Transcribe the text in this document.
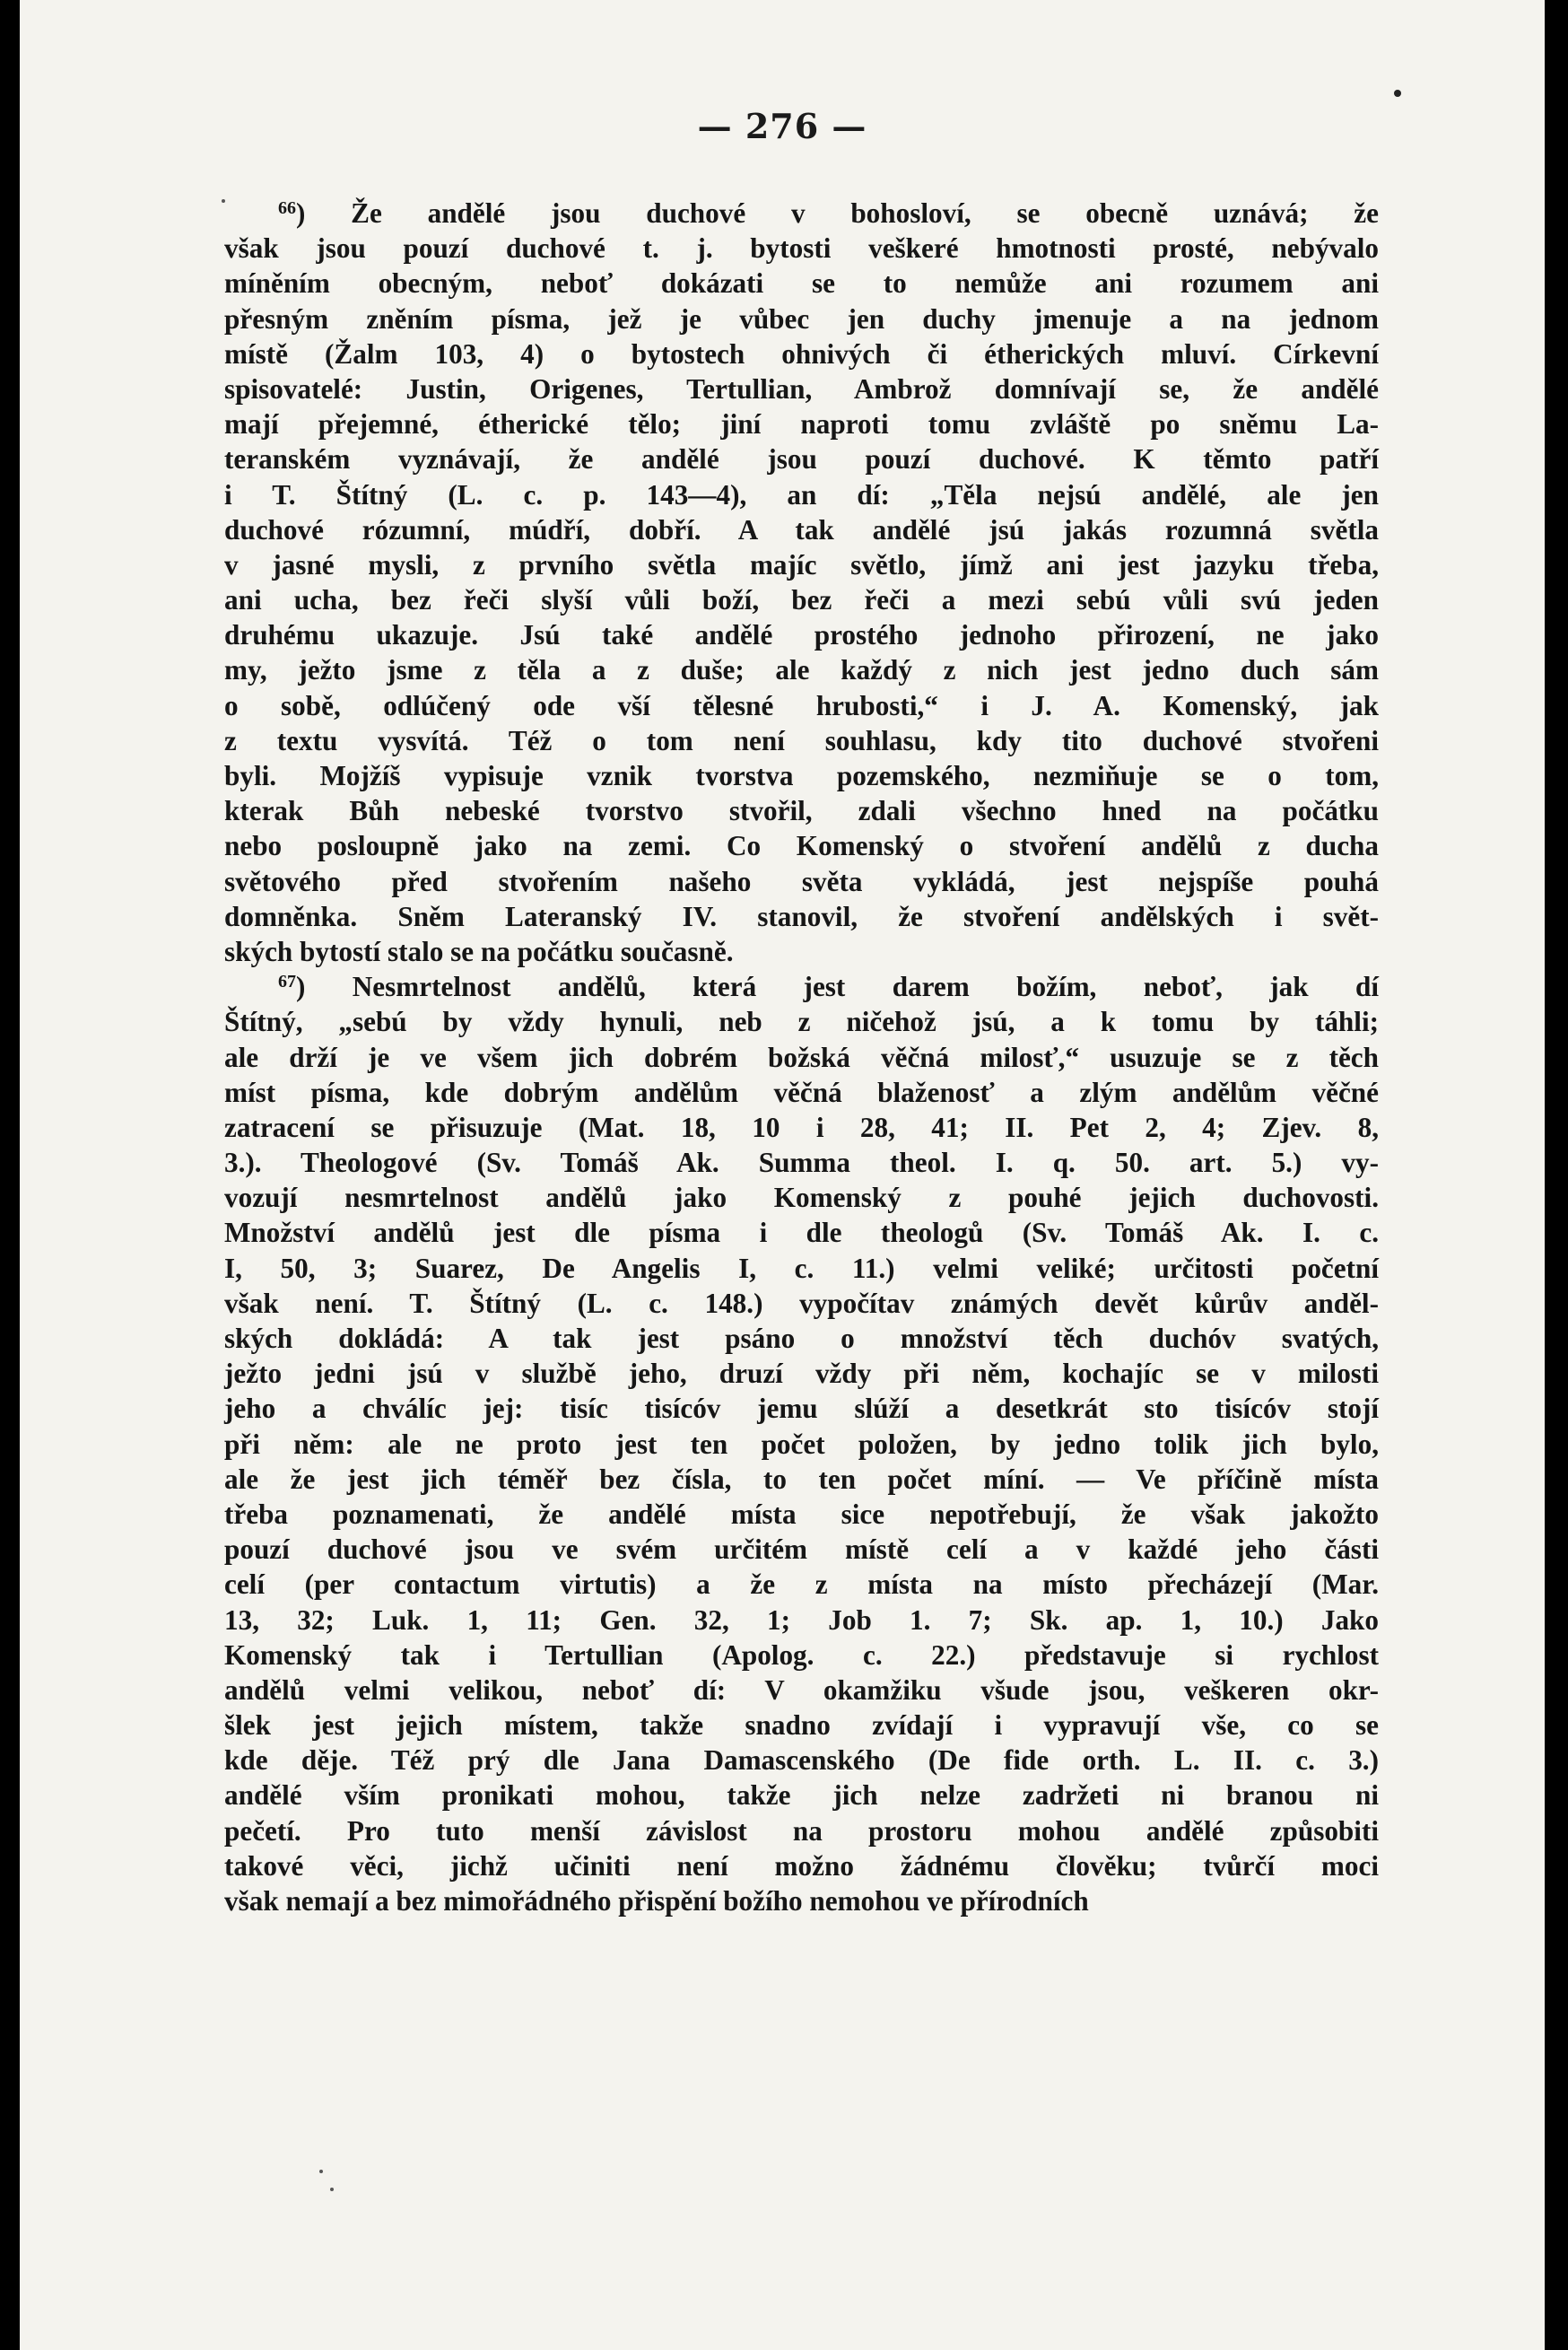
— 276 —
$^{66}$) Že andělé jsou duchové v bohosloví, se obecně uznává; že
však jsou pouzí duchové t. j. bytosti veškeré hmotnosti prosté, nebývalo
míněním obecným, neboť dokázati se to nemůže ani rozumem ani
přesným zněním písma, jež je vůbec jen duchy jmenuje a na jednom
místě (Žalm 103, 4) o bytostech ohnivých či étherických mluví. Církevní
spisovatelé: Justin, Origenes, Tertullian, Ambrož domnívají se, že andělé
mají přejemné, étherické tělo; jiní naproti tomu zvláště po sněmu La-
teranském vyznávají, že andělé jsou pouzí duchové. K těmto patří
i T. Štítný (L. c. p. 143—4), an dí: „Těla nejsú andělé, ale jen
duchové rózumní, múdří, dobří. A tak andělé jsú jakás rozumná světla
v jasné mysli, z prvního světla majíc světlo, jímž ani jest jazyku třeba,
ani ucha, bez řeči slyší vůli boží, bez řeči a mezi sebú vůli svú jeden
druhému ukazuje. Jsú také andělé prostého jednoho přirození, ne jako
my, ježto jsme z těla a z duše; ale každý z nich jest jedno duch sám
o sobě, odlúčený ode vší tělesné hrubosti,“ i J. A. Komenský, jak
z textu vysvítá. Též o tom není souhlasu, kdy tito duchové stvořeni
byli. Mojžíš vypisuje vznik tvorstva pozemského, nezmiňuje se o tom,
kterak Bůh nebeské tvorstvo stvořil, zdali všechno hned na počátku
nebo posloupně jako na zemi. Co Komenský o stvoření andělů z ducha
světového před stvořením našeho světa vykládá, jest nejspíše pouhá
domněnka. Sněm Lateranský IV. stanovil, že stvoření andělských i svět-
ských bytostí stalo se na počátku současně.
$^{67}$) Nesmrtelnost andělů, která jest darem božím, neboť, jak dí
Štítný, „sebú by vždy hynuli, neb z ničehož jsú, a k tomu by táhli;
ale drží je ve všem jich dobrém božská věčná milosť,“ usuzuje se z těch
míst písma, kde dobrým andělům věčná blaženosť a zlým andělům věčné
zatracení se přisuzuje (Mat. 18, 10 i 28, 41; II. Pet 2, 4; Zjev. 8,
3.). Theologové (Sv. Tomáš Ak. Summa theol. I. q. 50. art. 5.) vy-
vozují nesmrtelnost andělů jako Komenský z pouhé jejich duchovosti.
Množství andělů jest dle písma i dle theologů (Sv. Tomáš Ak. I. c.
I, 50, 3; Suarez, De Angelis I, c. 11.) velmi veliké; určitosti početní
však není. T. Štítný (L. c. 148.) vypočítav známých devět kůrův anděl-
ských dokládá: A tak jest psáno o množství těch duchóv svatých,
ježto jedni jsú v službě jeho, druzí vždy při něm, kochajíc se v milosti
jeho a chválíc jej: tisíc tisícóv jemu slúží a desetkrát sto tisícóv stojí
při něm: ale ne proto jest ten počet položen, by jedno tolik jich bylo,
ale že jest jich téměř bez čísla, to ten počet míní. — Ve příčině místa
třeba poznamenati, že andělé místa sice nepotřebují, že však jakožto
pouzí duchové jsou ve svém určitém místě celí a v každé jeho části
celí (per contactum virtutis) a že z místa na místo přecházejí (Mar.
13, 32; Luk. 1, 11; Gen. 32, 1; Job 1. 7; Sk. ap. 1, 10.) Jako
Komenský tak i Tertullian (Apolog. c. 22.) představuje si rychlost
andělů velmi velikou, neboť dí: V okamžiku všude jsou, veškeren okr-
šlek jest jejich místem, takže snadno zvídají i vypravují vše, co se
kde děje. Též prý dle Jana Damascenského (De fide orth. L. II. c. 3.)
andělé vším pronikati mohou, takže jich nelze zadržeti ni branou ni
pečetí. Pro tuto menší závislost na prostoru mohou andělé způsobiti
takové věci, jichž učiniti není možno žádnému člověku; tvůrčí moci
však nemají a bez mimořádného přispění božího nemohou ve přírodních
